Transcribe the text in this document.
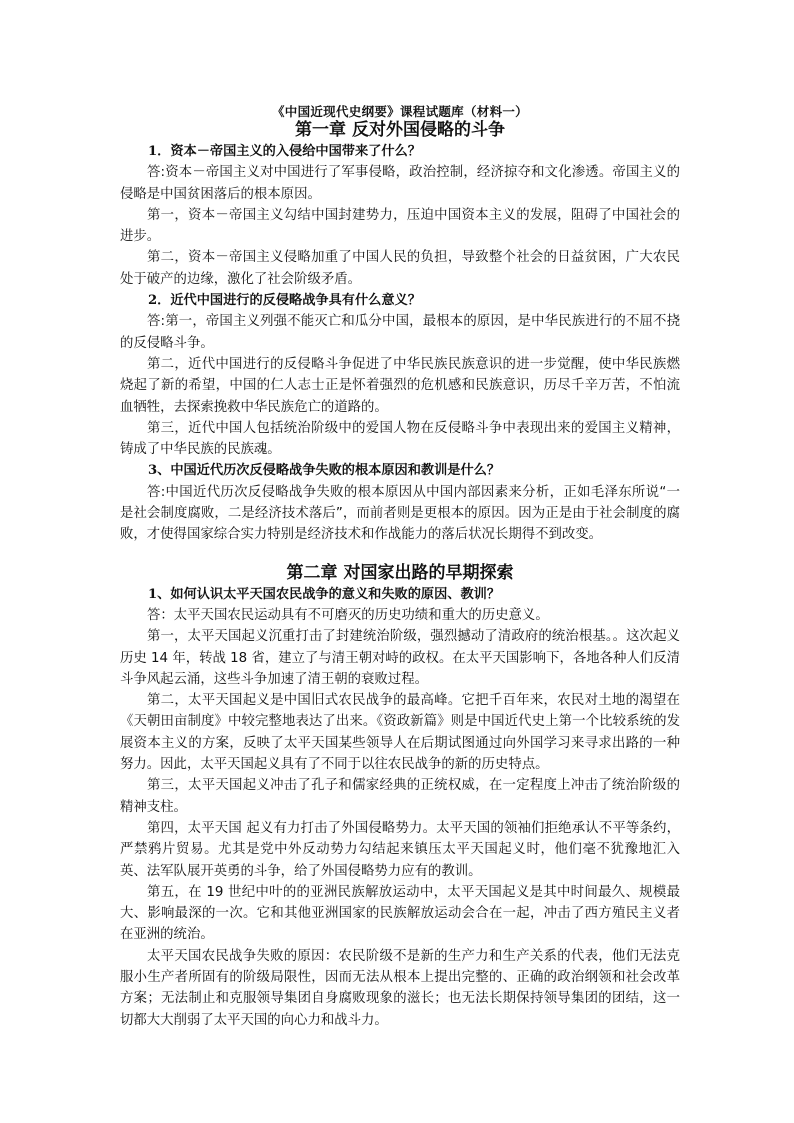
《中国近现代史纲要》课程试题库（材料一）
第一章 反对外国侵略的斗争

1．资本－帝国主义的入侵给中国带来了什么？

答:资本－帝国主义对中国进行了军事侵略，政治控制，经济掠夺和文化渗透。帝国主义的侵略是中国贫困落后的根本原因。

第一，资本－帝国主义勾结中国封建势力，压迫中国资本主义的发展，阻碍了中国社会的进步。

第二，资本－帝国主义侵略加重了中国人民的负担，导致整个社会的日益贫困，广大农民处于破产的边缘，激化了社会阶级矛盾。

2．近代中国进行的反侵略战争具有什么意义？

答:第一，帝国主义列强不能灭亡和瓜分中国，最根本的原因，是中华民族进行的不屈不挠的反侵略斗争。

第二，近代中国进行的反侵略斗争促进了中华民族民族意识的进一步觉醒，使中华民族燃烧起了新的希望，中国的仁人志士正是怀着强烈的危机感和民族意识，历尽千辛万苦，不怕流血牺牲，去探索挽救中华民族危亡的道路的。

第三，近代中国人包括统治阶级中的爱国人物在反侵略斗争中表现出来的爱国主义精神，铸成了中华民族的民族魂。

3、中国近代历次反侵略战争失败的根本原因和教训是什么？

答:中国近代历次反侵略战争失败的根本原因从中国内部因素来分析，正如毛泽东所说“一是社会制度腐败，二是经济技术落后”，而前者则是更根本的原因。因为正是由于社会制度的腐败，才使得国家综合实力特别是经济技术和作战能力的落后状况长期得不到改变。

第二章 对国家出路的早期探索

1、如何认识太平天国农民战争的意义和失败的原因、教训？

答：太平天国农民运动具有不可磨灭的历史功绩和重大的历史意义。

第一，太平天国起义沉重打击了封建统治阶级，强烈撼动了清政府的统治根基。。这次起义历史 14 年，转战 18 省，建立了与清王朝对峙的政权。在太平天国影响下，各地各种人们反清斗争风起云涌，这些斗争加速了清王朝的衰败过程。

第二，太平天国起义是中国旧式农民战争的最高峰。它把千百年来，农民对土地的渴望在《天朝田亩制度》中较完整地表达了出来。《资政新篇》则是中国近代史上第一个比较系统的发展资本主义的方案，反映了太平天国某些领导人在后期试图通过向外国学习来寻求出路的一种努力。因此，太平天国起义具有了不同于以往农民战争的新的历史特点。

第三，太平天国起义冲击了孔子和儒家经典的正统权威，在一定程度上冲击了统治阶级的精神支柱。

第四，太平天国 起义有力打击了外国侵略势力。太平天国的领袖们拒绝承认不平等条约，严禁鸦片贸易。尤其是党中外反动势力勾结起来镇压太平天国起义时，他们毫不犹豫地汇入英、法军队展开英勇的斗争，给了外国侵略势力应有的教训。

第五，在 19 世纪中叶的的亚洲民族解放运动中，太平天国起义是其中时间最久、规模最大、影响最深的一次。它和其他亚洲国家的民族解放运动会合在一起，冲击了西方殖民主义者在亚洲的统治。

太平天国农民战争失败的原因：农民阶级不是新的生产力和生产关系的代表，他们无法克服小生产者所固有的阶级局限性，因而无法从根本上提出完整的、正确的政治纲领和社会改革方案；无法制止和克服领导集团自身腐败现象的滋长；也无法长期保持领导集团的团结，这一切都大大削弱了太平天国的向心力和战斗力。
